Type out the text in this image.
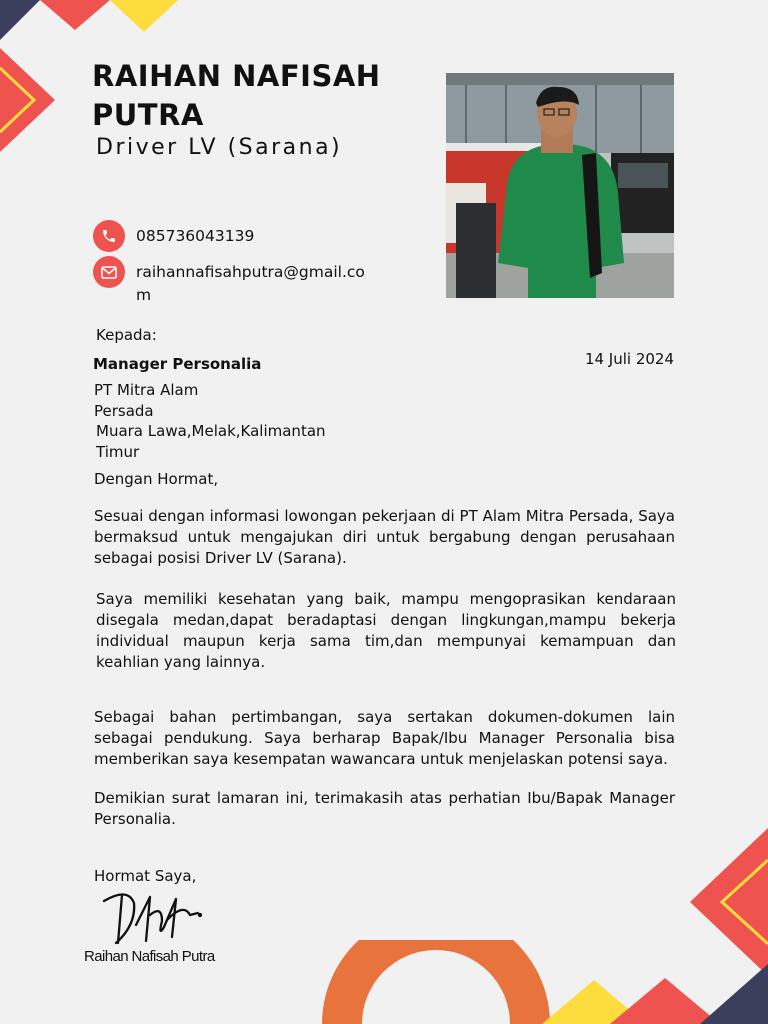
RAIHAN NAFISAH PUTRA
Driver LV (Sarana)
085736043139
raihannafisahputra@gmail.com
Kepada:
Manager Personalia	14 Juli 2024
PT Mitra Alam
Persada
Muara Lawa,Melak,Kalimantan
Timur
Dengan Hormat,
Sesuai dengan informasi lowongan pekerjaan di PT Alam Mitra Persada, Saya bermaksud untuk mengajukan diri untuk bergabung dengan perusahaan sebagai posisi Driver LV (Sarana).
Saya memiliki kesehatan yang baik, mampu mengoprasikan kendaraan disegala medan,dapat beradaptasi dengan lingkungan,mampu bekerja individual maupun kerja sama tim,dan mempunyai kemampuan dan keahlian yang lainnya.
Sebagai bahan pertimbangan, saya sertakan dokumen-dokumen lain sebagai pendukung. Saya berharap Bapak/Ibu Manager Personalia bisa memberikan saya kesempatan wawancara untuk menjelaskan potensi saya.
Demikian surat lamaran ini, terimakasih atas perhatian Ibu/Bapak Manager Personalia.
Hormat Saya,
Raihan Nafisah Putra
